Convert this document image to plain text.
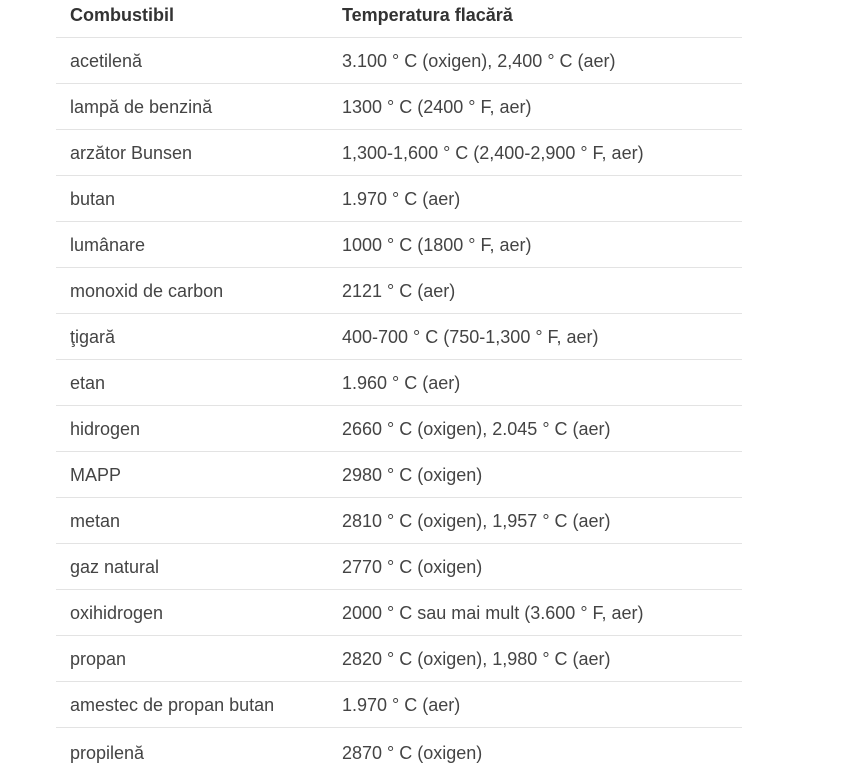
Combustibil	Temperatura flacără
acetilenă	3.100 ° C (oxigen), 2,400 ° C (aer)
lampă de benzină	1300 ° C (2400 ° F, aer)
arzător Bunsen	1,300-1,600 ° C (2,400-2,900 ° F, aer)
butan	1.970 ° C (aer)
lumânare	1000 ° C (1800 ° F, aer)
monoxid de carbon	2121 ° C (aer)
ţigară	400-700 ° C (750-1,300 ° F, aer)
etan	1.960 ° C (aer)
hidrogen	2660 ° C (oxigen), 2.045 ° C (aer)
MAPP	2980 ° C (oxigen)
metan	2810 ° C (oxigen), 1,957 ° C (aer)
gaz natural	2770 ° C (oxigen)
oxihidrogen	2000 ° C sau mai mult (3.600 ° F, aer)
propan	2820 ° C (oxigen), 1,980 ° C (aer)
amestec de propan butan	1.970 ° C (aer)
propilenă	2870 ° C (oxigen)
